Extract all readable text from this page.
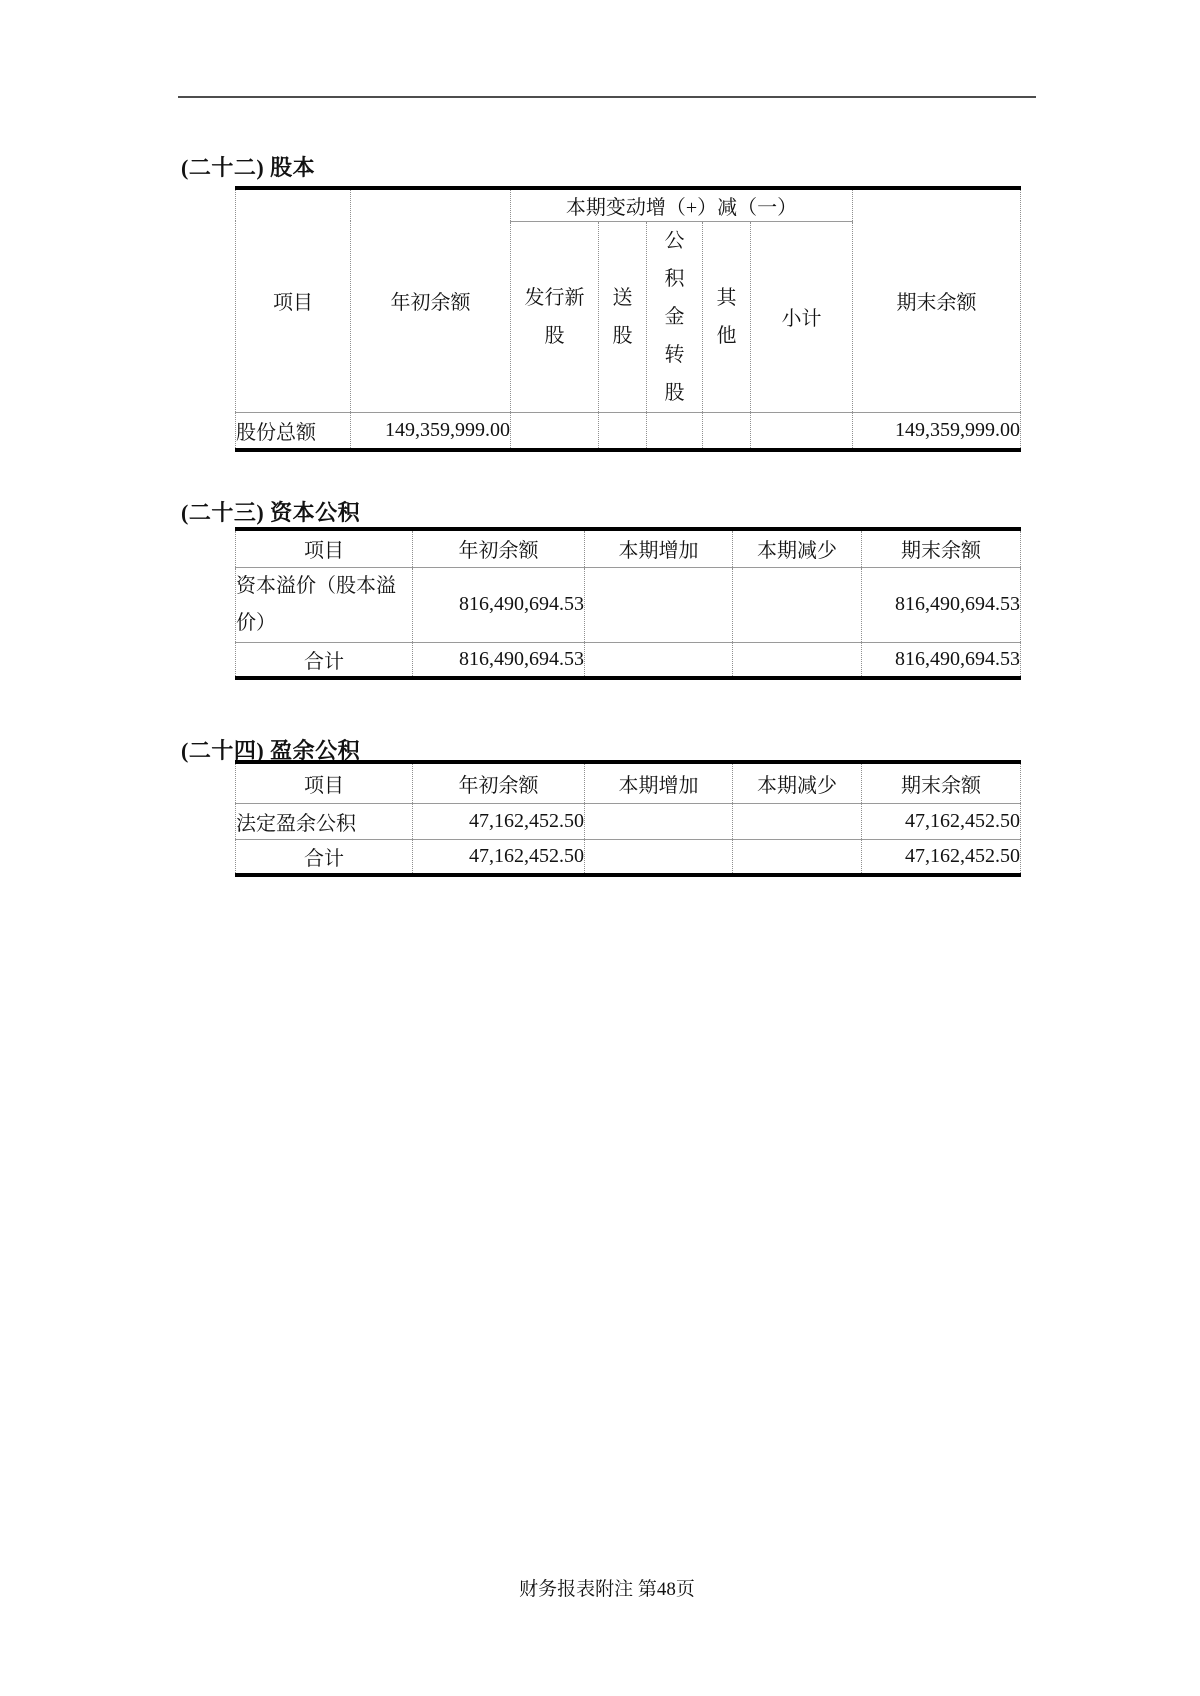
(二十二) 股本
项目	年初余额	本期变动增（+）减（一）					期末余额
		发行新股	送股	公积金转股	其他	小计	
股份总额	149,359,999.00						149,359,999.00
(二十三) 资本公积
项目	年初余额	本期增加	本期减少	期末余额
资本溢价（股本溢价）	816,490,694.53			816,490,694.53
合计	816,490,694.53			816,490,694.53
(二十四) 盈余公积
项目	年初余额	本期增加	本期减少	期末余额
法定盈余公积	47,162,452.50			47,162,452.50
合计	47,162,452.50			47,162,452.50
财务报表附注 第48页
